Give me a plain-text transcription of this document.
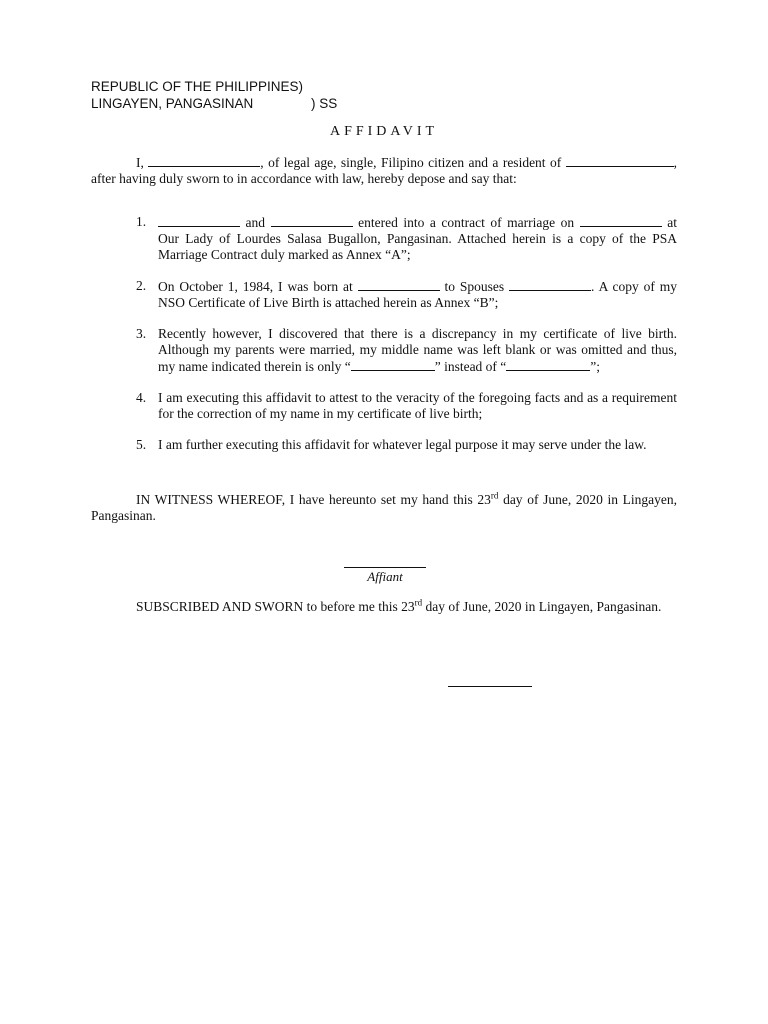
REPUBLIC OF THE PHILIPPINES)
LINGAYEN, PANGASINAN	) SS
AFFIDAVIT
I,	, of legal age, single, Filipino citizen and a resident of	, after having duly sworn to in accordance with law, hereby depose and say that:
1.	and	entered into a contract of marriage on	at Our Lady of Lourdes Salasa Bugallon, Pangasinan. Attached herein is a copy of the PSA Marriage Contract duly marked as Annex “A”;
2. On October 1, 1984, I was born at	to Spouses	. A copy of my NSO Certificate of Live Birth is attached herein as Annex “B”;
3. Recently however, I discovered that there is a discrepancy in my certificate of live birth. Although my parents were married, my middle name was left blank or was omitted and thus, my name indicated therein is only “	” instead of “	”;
4. I am executing this affidavit to attest to the veracity of the foregoing facts and as a requirement for the correction of my name in my certificate of live birth;
5. I am further executing this affidavit for whatever legal purpose it may serve under the law.
IN WITNESS WHEREOF, I have hereunto set my hand this 23rd day of June, 2020 in Lingayen, Pangasinan.
Affiant
SUBSCRIBED AND SWORN to before me this 23rd day of June, 2020 in Lingayen, Pangasinan.
